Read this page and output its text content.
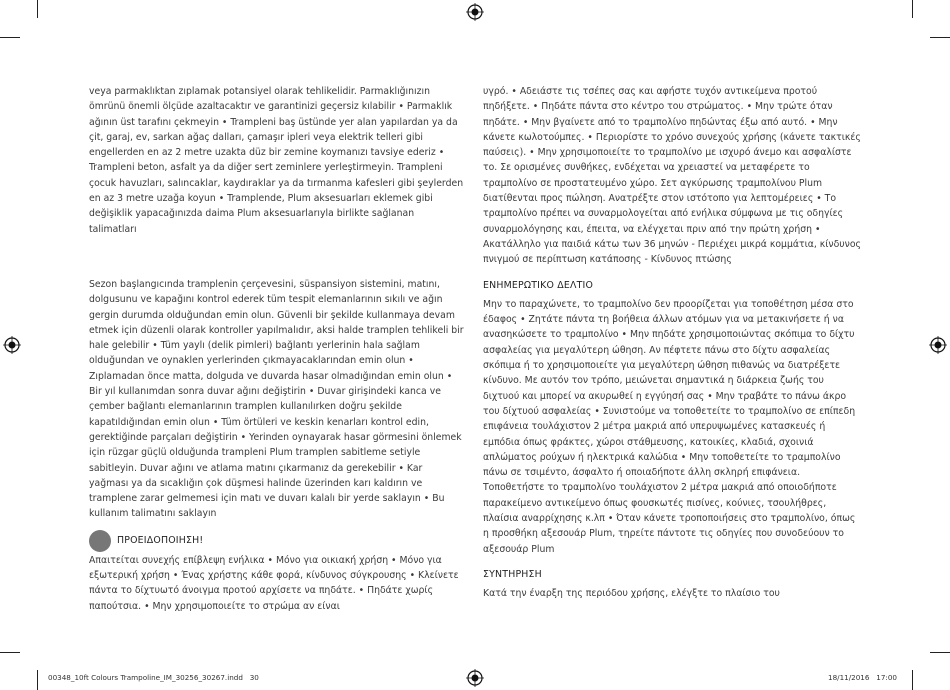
veya parmaklıktan zıplamak potansiyel olarak tehlikelidir. Parmaklığınızın ömrünü önemli ölçüde azaltacaktır ve garantinizi geçersiz kılabilir • Parmaklık ağının üst tarafını çekmeyin • Trampleni baş üstünde yer alan yapılardan ya da çit, garaj, ev, sarkan ağaç dalları, çamaşır ipleri veya elektrik telleri gibi engellerden en az 2 metre uzakta düz bir zemine koymanızı tavsiye ederiz • Trampleni beton, asfalt ya da diğer sert zeminlere yerleştirmeyin. Trampleni çocuk havuzları, salıncaklar, kaydıraklar ya da tırmanma kafesleri gibi şeylerden en az 3 metre uzağa koyun • Tramplende, Plum aksesuarları eklemek gibi değişiklik yapacağınızda daima Plum aksesuarlarıyla birlikte sağlanan talimatları

Sezon başlangıcında tramplenin çerçevesini, süspansiyon sistemini, matını, dolgusunu ve kapağını kontrol ederek tüm tespit elemanlarının sıkılı ve ağın gergin durumda olduğundan emin olun. Güvenli bir şekilde kullanmaya devam etmek için düzenli olarak kontroller yapılmalıdır, aksi halde tramplen tehlikeli bir hale gelebilir • Tüm yaylı (delik pimleri) bağlantı yerlerinin hala sağlam olduğundan ve oynaklen yerlerinden çıkmayacaklarından emin olun • Zıplamadan önce matta, dolguda ve duvarda hasar olmadığından emin olun • Bir yıl kullanımdan sonra duvar ağını değiştirin • Duvar girişindeki kanca ve çember bağlantı elemanlarının tramplen kullanılırken doğru şekilde kapatıldığından emin olun • Tüm örtüleri ve keskin kenarları kontrol edin, gerektiğinde parçaları değiştirin • Yerinden oynayarak hasar görmesini önlemek için rüzgar güçlü olduğunda trampleni Plum tramplen sabitleme setiyle sabitleyin. Duvar ağını ve atlama matını çıkarmanız da gerekebilir • Kar yağması ya da sıcaklığın çok düşmesi halinde üzerinden karı kaldırın ve tramplene zarar gelmemesi için matı ve duvarı kalalı bir yerde saklayın • Bu kullanım talimatını saklayın

ΠΡΟΕΙΔΟΠΟΙΗΣΗ!

Απαιτείται συνεχής επίβλεψη ενήλικα • Μόνο για οικιακή χρήση • Μόνο για εξωτερική χρήση • Ένας χρήστης κάθε φορά, κίνδυνος σύγκρουσης • Κλείνετε πάντα το δίχτυωτό άνοιγμα προτού αρχίσετε να πηδάτε. • Πηδάτε χωρίς παπούτσια. • Μην χρησιμοποιείτε το στρώμα αν είναι

υγρό. • Αδειάστε τις τσέπες σας και αφήστε τυχόν αντικείμενα προτού πηδήξετε. • Πηδάτε πάντα στο κέντρο του στρώματος. • Μην τρώτε όταν πηδάτε. • Μην βγαίνετε από το τραμπολίνο πηδώντας έξω από αυτό. • Μην κάνετε κωλοτούμπες. • Περιορίστε το χρόνο συνεχούς χρήσης (κάνετε τακτικές παύσεις). • Μην χρησιμοποιείτε το τραμπολίνο με ισχυρό άνεμο και ασφαλίστε το. Σε ορισμένες συνθήκες, ενδέχεται να χρειαστεί να μεταφέρετε το τραμπολίνο σε προστατευμένο χώρο. Σετ αγκύρωσης τραμπολίνου Plum διατίθενται προς πώληση. Ανατρέξτε στον ιστότοπο για λεπτομέρειες • Το τραμπολίνο πρέπει να συναρμολογείται από ενήλικα σύμφωνα με τις οδηγίες συναρμολόγησης και, έπειτα, να ελέγχεται πριν από την πρώτη χρήση • Ακατάλληλο για παιδιά κάτω των 36 μηνών - Περιέχει μικρά κομμάτια, κίνδυνος πνιγμού σε περίπτωση κατάποσης - Κίνδυνος πτώσης

ΕΝΗΜΕΡΩΤΙΚΟ ΔΕΛΤΙΟ

Μην το παραχώνετε, το τραμπολίνο δεν προορίζεται για τοποθέτηση μέσα στο έδαφος • Ζητάτε πάντα τη βοήθεια άλλων ατόμων για να μετακινήσετε ή να ανασηκώσετε το τραμπολίνο • Μην πηδάτε χρησιμοποιώντας σκόπιμα το δίχτυ ασφαλείας για μεγαλύτερη ώθηση. Αν πέφτετε πάνω στο δίχτυ ασφαλείας σκόπιμα ή το χρησιμοποιείτε για μεγαλύτερη ώθηση πιθανώς να διατρέξετε κίνδυνο. Με αυτόν τον τρόπο, μειώνεται σημαντικά η διάρκεια ζωής του διχτυού και μπορεί να ακυρωθεί η εγγύησή σας • Μην τραβάτε το πάνω άκρο του δίχτυού ασφαλείας • Συνιστούμε να τοποθετείτε το τραμπολίνο σε επίπεδη επιφάνεια τουλάχιστον 2 μέτρα μακριά από υπερυψωμένες κατασκευές ή εμπόδια όπως φράκτες, χώροι στάθμευσης, κατοικίες, κλαδιά, σχοινιά απλώματος ρούχων ή ηλεκτρικά καλώδια • Μην τοποθετείτε το τραμπολίνο πάνω σε τσιμέντο, άσφαλτο ή οποιαδήποτε άλλη σκληρή επιφάνεια. Τοποθετήστε το τραμπολίνο τουλάχιστον 2 μέτρα μακριά από οποιοδήποτε παρακείμενο αντικείμενο όπως φουσκωτές πισίνες, κούνιες, τσουλήθρες, πλαίσια αναρρίχησης κ.λπ • Όταν κάνετε τροποποιήσεις στο τραμπολίνο, όπως η προσθήκη αξεσουάρ Plum, τηρείτε πάντοτε τις οδηγίες που συνοδεύουν το αξεσουάρ Plum

ΣΥΝΤΗΡΗΣΗ

Κατά την έναρξη της περιόδου χρήσης, ελέγξτε το πλαίσιο του

00348_10ft Colours Trampoline_IM_30256_30267.indd   30	18/11/2016   17:00
